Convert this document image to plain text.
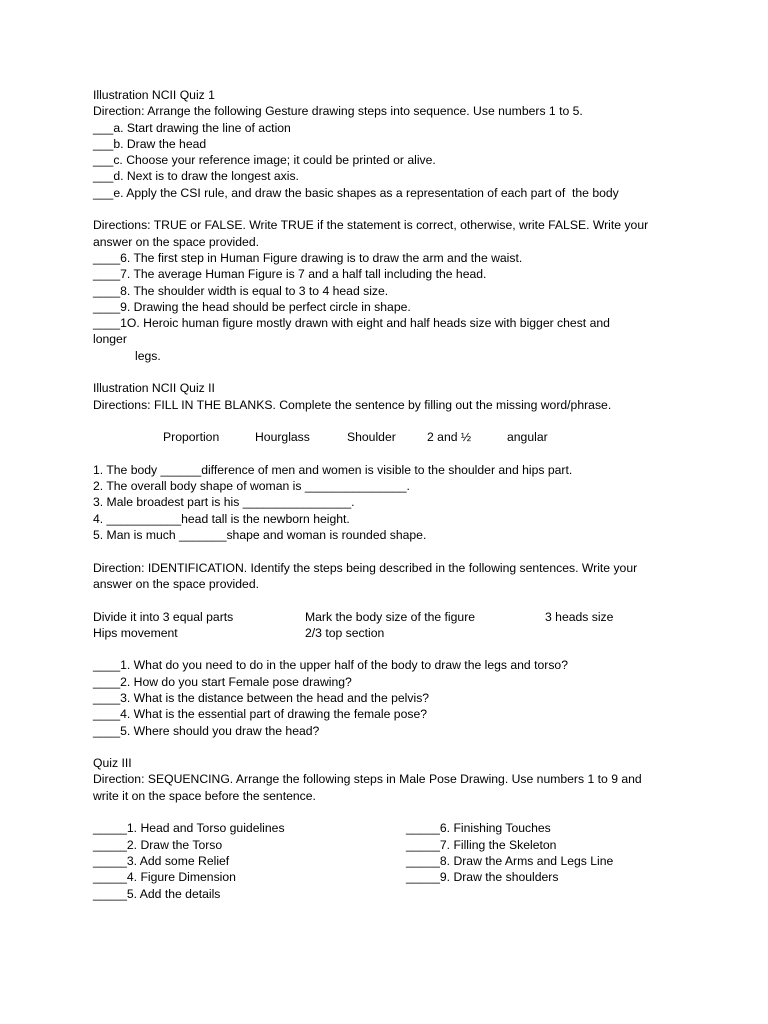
Illustration NCII Quiz 1
Direction: Arrange the following Gesture drawing steps into sequence. Use numbers 1 to 5.
___a. Start drawing the line of action
___b. Draw the head
___c. Choose your reference image; it could be printed or alive.
___d. Next is to draw the longest axis.
___e. Apply the CSI rule, and draw the basic shapes as a representation of each part of  the body
Directions: TRUE or FALSE. Write TRUE if the statement is correct, otherwise, write FALSE. Write your
answer on the space provided.
____6. The first step in Human Figure drawing is to draw the arm and the waist.
____7. The average Human Figure is 7 and a half tall including the head.
____8. The shoulder width is equal to 3 to 4 head size.
____9. Drawing the head should be perfect circle in shape.
____1O. Heroic human figure mostly drawn with eight and half heads size with bigger chest and
longer
legs.
Illustration NCII Quiz II
Directions: FILL IN THE BLANKS. Complete the sentence by filling out the missing word/phrase.
Proportion	Hourglass	Shoulder	2 and ½	angular
1. The body ______difference of men and women is visible to the shoulder and hips part.
2. The overall body shape of woman is _______________.
3. Male broadest part is his ________________.
4. ___________head tall is the newborn height.
5. Man is much _______shape and woman is rounded shape.
Direction: IDENTIFICATION. Identify the steps being described in the following sentences. Write your
answer on the space provided.
Divide it into 3 equal parts	Mark the body size of the figure	3 heads size
Hips movement	2/3 top section
____1. What do you need to do in the upper half of the body to draw the legs and torso?
____2. How do you start Female pose drawing?
____3. What is the distance between the head and the pelvis?
____4. What is the essential part of drawing the female pose?
____5. Where should you draw the head?
Quiz III
Direction: SEQUENCING. Arrange the following steps in Male Pose Drawing. Use numbers 1 to 9 and
write it on the space before the sentence.
_____1. Head and Torso guidelines	_____6. Finishing Touches
_____2. Draw the Torso	_____7. Filling the Skeleton
_____3. Add some Relief	_____8. Draw the Arms and Legs Line
_____4. Figure Dimension	_____9. Draw the shoulders
_____5. Add the details
